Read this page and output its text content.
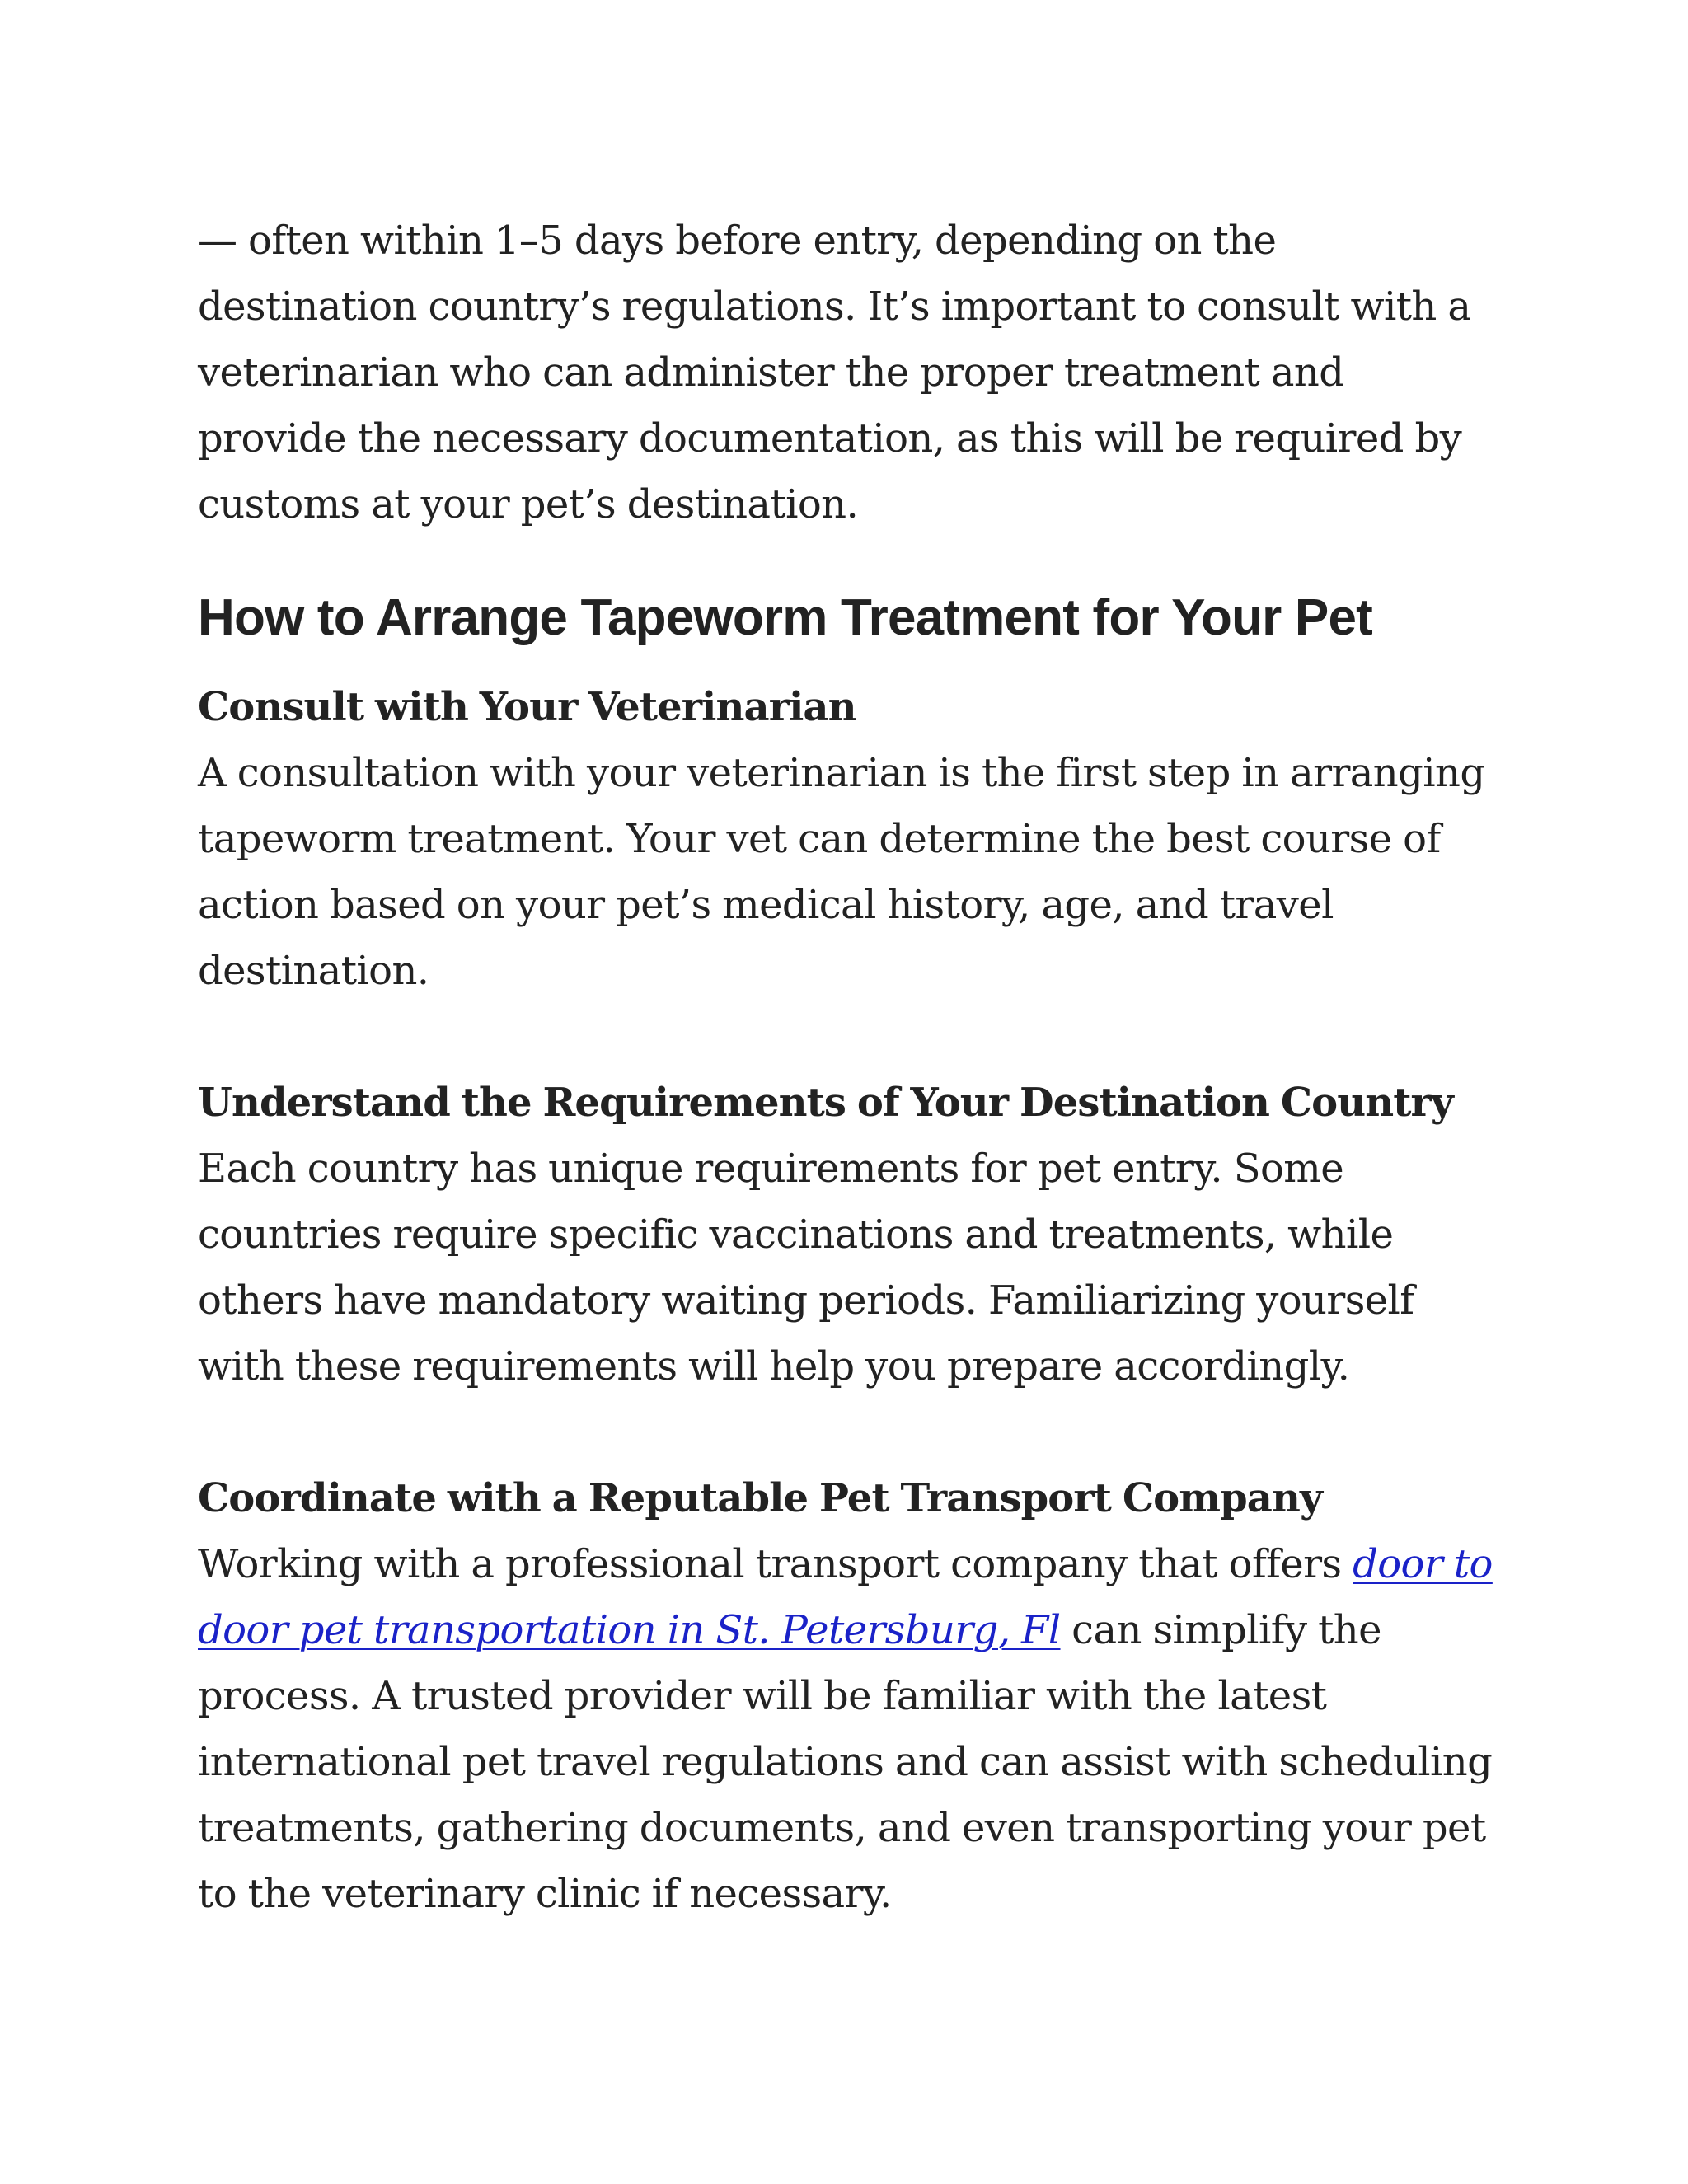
— often within 1–5 days before entry, depending on the destination country’s regulations. It’s important to consult with a veterinarian who can administer the proper treatment and provide the necessary documentation, as this will be required by customs at your pet’s destination.

How to Arrange Tapeworm Treatment for Your Pet

Consult with Your Veterinarian

A consultation with your veterinarian is the first step in arranging tapeworm treatment. Your vet can determine the best course of action based on your pet’s medical history, age, and travel destination.

Understand the Requirements of Your Destination Country

Each country has unique requirements for pet entry. Some countries require specific vaccinations and treatments, while others have mandatory waiting periods. Familiarizing yourself with these requirements will help you prepare accordingly.

Coordinate with a Reputable Pet Transport Company

Working with a professional transport company that offers door to door pet transportation in St. Petersburg, Fl can simplify the process. A trusted provider will be familiar with the latest international pet travel regulations and can assist with scheduling treatments, gathering documents, and even transporting your pet to the veterinary clinic if necessary.
